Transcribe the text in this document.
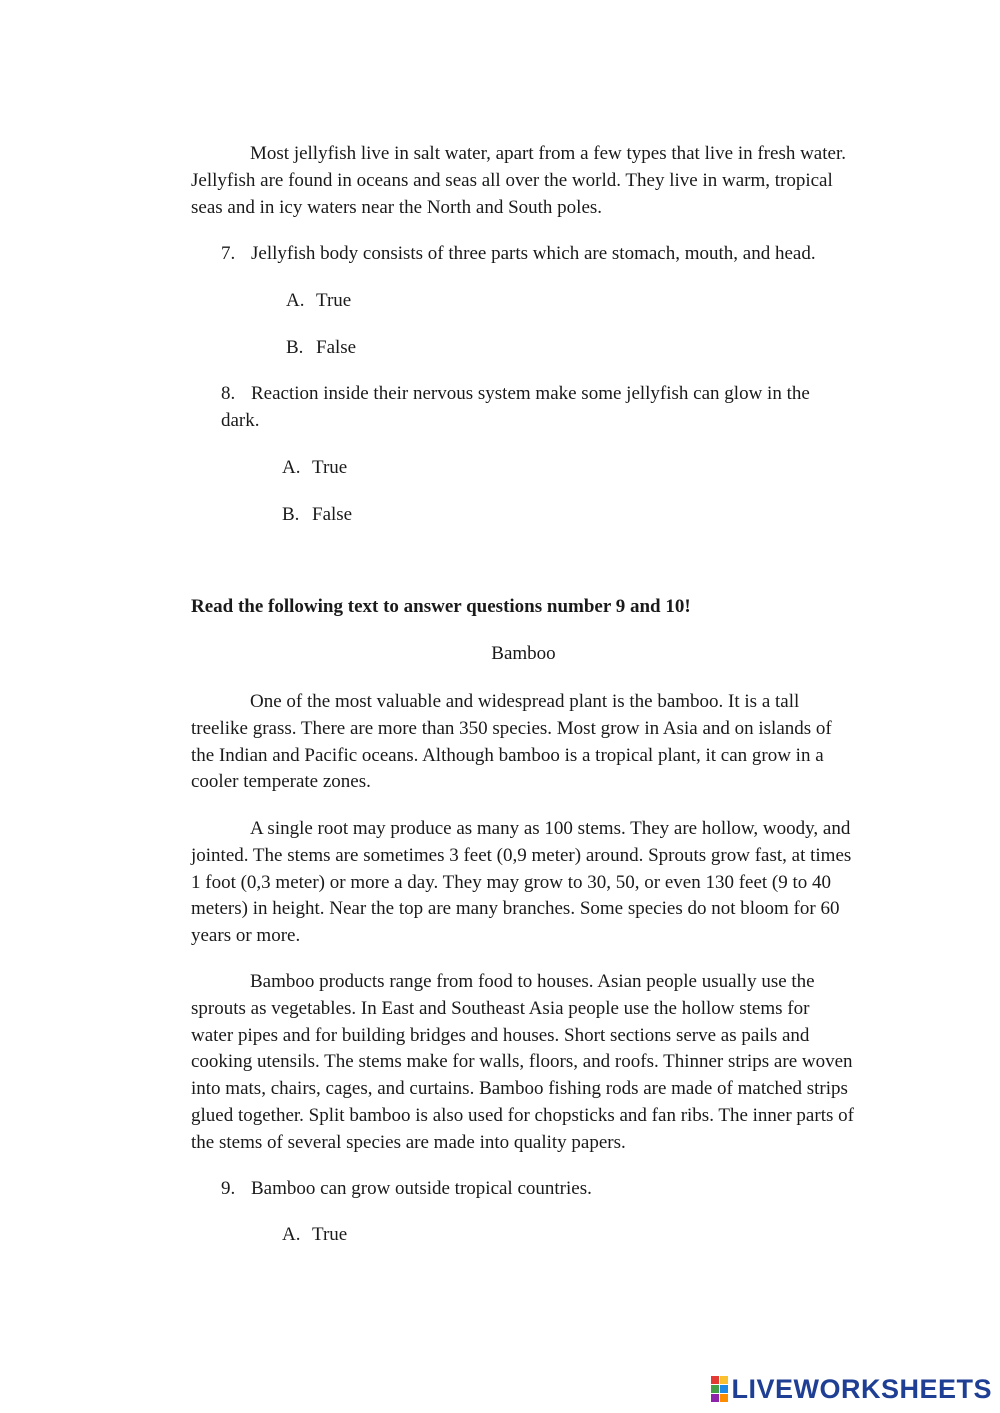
Most jellyfish live in salt water, apart from a few types that live in fresh water. Jellyfish are found in oceans and seas all over the world. They live in warm, tropical seas and in icy waters near the North and South poles.

7. Jellyfish body consists of three parts which are stomach, mouth, and head.
A. True
B. False
8. Reaction inside their nervous system make some jellyfish can glow in the dark.
A. True
B. False
Read the following text to answer questions number 9 and 10!
Bamboo

One of the most valuable and widespread plant is the bamboo. It is a tall treelike grass. There are more than 350 species. Most grow in Asia and on islands of the Indian and Pacific oceans. Although bamboo is a tropical plant, it can grow in a cooler temperate zones.

A single root may produce as many as 100 stems. They are hollow, woody, and jointed. The stems are sometimes 3 feet (0,9 meter) around. Sprouts grow fast, at times 1 foot (0,3 meter) or more a day. They may grow to 30, 50, or even 130 feet (9 to 40 meters) in height. Near the top are many branches. Some species do not bloom for 60 years or more.

Bamboo products range from food to houses. Asian people usually use the sprouts as vegetables. In East and Southeast Asia people use the hollow stems for water pipes and for building bridges and houses. Short sections serve as pails and cooking utensils. The stems make for walls, floors, and roofs. Thinner strips are woven into mats, chairs, cages, and curtains. Bamboo fishing rods are made of matched strips glued together. Split bamboo is also used for chopsticks and fan ribs. The inner parts of the stems of several species are made into quality papers.

9. Bamboo can grow outside tropical countries.
A. True
LIVEWORKSHEETS
